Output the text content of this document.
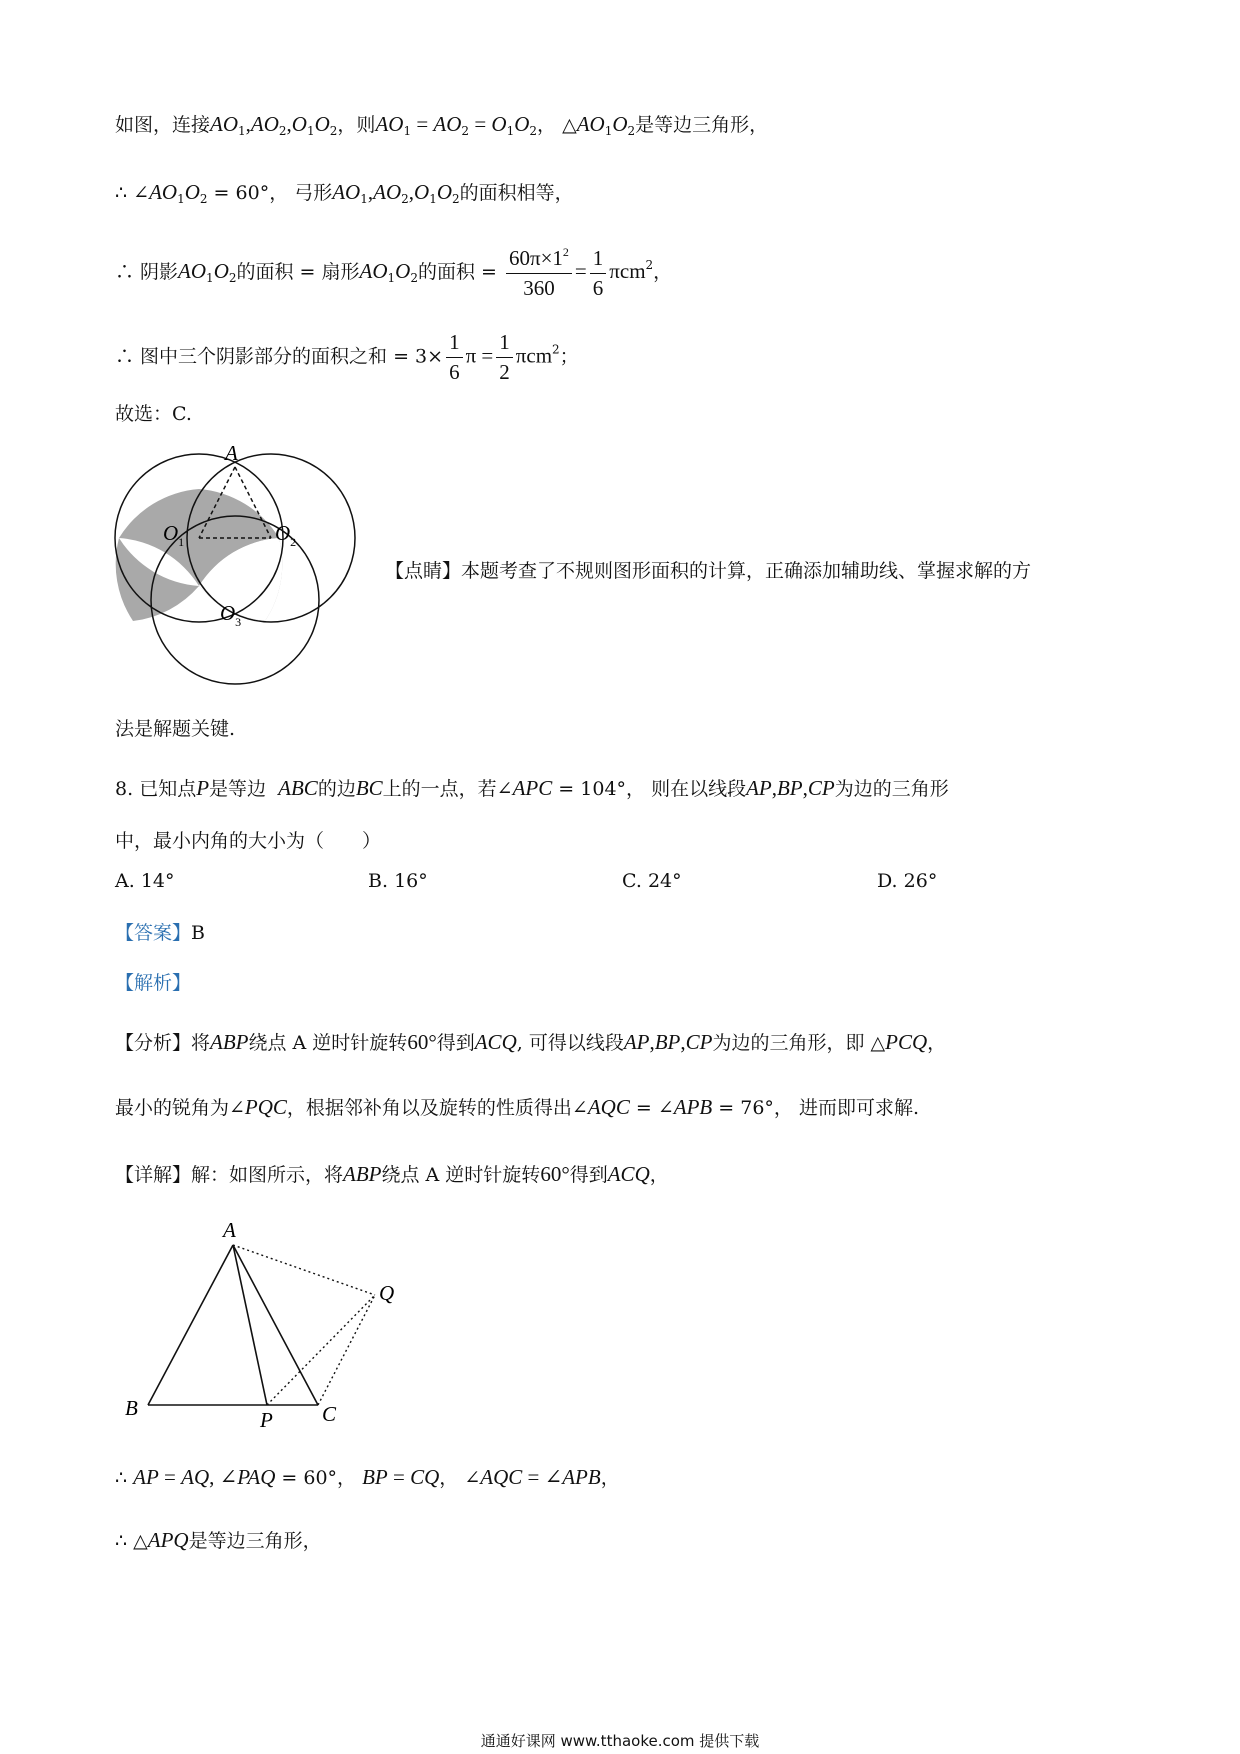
如图，连接$AO_1,AO_2,O_1O_2$，则$AO_1 = AO_2 = O_1O_2$， $\triangle AO_1O_2$是等边三角形，
∴ $\angle AO_1O_2 = 60^\circ$， 弓形$AO_1,AO_2,O_1O_2$的面积相等，
∴ 阴影$AO_1O_2$的面积 = 扇形$AO_1O_2$的面积 = $\frac{60\pi\times 1^2}{360} = \frac{1}{6} \pi cm^2$，
∴ 图中三个阴影部分的面积之和 = $3\times \frac{1}{6}$ $\pi = \frac{1}{2} \pi cm^2$；
故选：C.
A
$O_1$	$O_2$
$O_3$
【点睛】本题考查了不规则图形面积的计算，正确添加辅助线、掌握求解的方
法是解题关键.
8. 已知点P是等边 ABC的边BC上的一点，若∠APC = 104°， 则在以线段AP,BP,CP为边的三角形
中，最小内角的大小为（　　）
A. 14°	B. 16°	C. 24°	D. 26°
【答案】B
【解析】
【分析】将ABP绕点 A 逆时针旋转60°得到ACQ, 可得以线段AP,BP,CP为边的三角形，即 △PCQ，
最小的锐角为∠PQC，根据邻补角以及旋转的性质得出∠AQC = ∠APB = 76°， 进而即可求解.
【详解】解：如图所示，将ABP绕点 A 逆时针旋转60°得到ACQ，
A
B	P C
Q
∴ AP = AQ, ∠PAQ = 60°， BP = CQ， ∠AQC = ∠APB，
∴ △APQ是等边三角形，
通通好课网 www.tthaoke.com 提供下载
